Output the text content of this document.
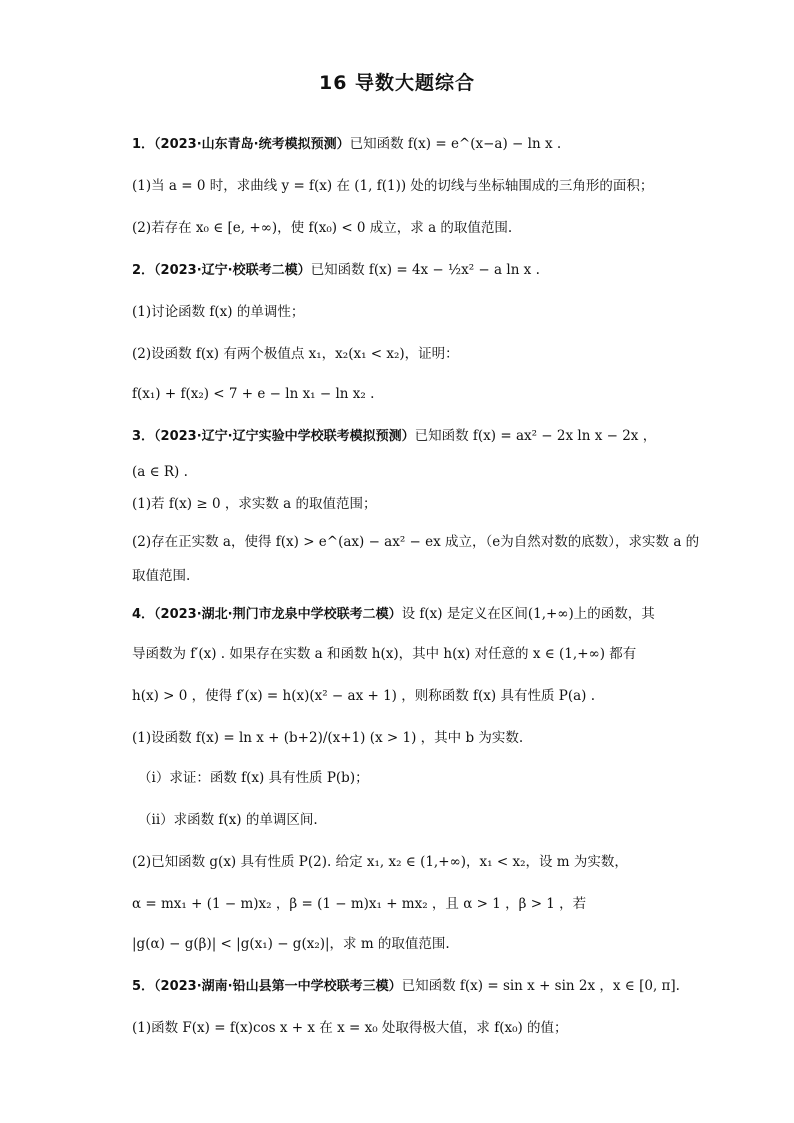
16 导数大题综合
1．（2023·山东青岛·统考模拟预测）已知函数 f(x) = e^(x−a) − ln x .
(1)当 a = 0 时，求曲线 y = f(x) 在 (1, f(1)) 处的切线与坐标轴围成的三角形的面积；
(2)若存在 x₀ ∈ [e, +∞)，使 f(x₀) < 0 成立，求 a 的取值范围.
2．（2023·辽宁·校联考二模）已知函数 f(x) = 4x − ½x² − a ln x .
(1)讨论函数 f(x) 的单调性；
(2)设函数 f(x) 有两个极值点 x₁，x₂(x₁ < x₂)，证明：
f(x₁) + f(x₂) < 7 + e − ln x₁ − ln x₂ .
3．（2023·辽宁·辽宁实验中学校联考模拟预测）已知函数 f(x) = ax² − 2x ln x − 2x ，
(a ∈ R) .
(1)若 f(x) ≥ 0 ，求实数 a 的取值范围；
(2)存在正实数 a，使得 f(x) > e^(ax) − ax² − ex 成立，（e为自然对数的底数），求实数 a 的
取值范围.
4．（2023·湖北·荆门市龙泉中学校联考二模）设 f(x) 是定义在区间(1,+∞)上的函数，其
导函数为 f′(x) . 如果存在实数 a 和函数 h(x)，其中 h(x) 对任意的 x ∈ (1,+∞) 都有
h(x) > 0 ，使得 f′(x) = h(x)(x² − ax + 1) ，则称函数 f(x) 具有性质 P(a) .
(1)设函数 f(x) = ln x + (b+2)/(x+1) (x > 1) ，其中 b 为实数.
（i）求证：函数 f(x) 具有性质 P(b)；
（ii）求函数 f(x) 的单调区间.
(2)已知函数 g(x) 具有性质 P(2). 给定 x₁, x₂ ∈ (1,+∞)，x₁ < x₂，设 m 为实数，
α = mx₁ + (1 − m)x₂ ，β = (1 − m)x₁ + mx₂ ，且 α > 1 ，β > 1 ，若
|g(α) − g(β)| < |g(x₁) − g(x₂)|，求 m 的取值范围.
5．（2023·湖南·铅山县第一中学校联考三模）已知函数 f(x) = sin x + sin 2x ，x ∈ [0, π].
(1)函数 F(x) = f(x)cos x + x 在 x = x₀ 处取得极大值，求 f(x₀) 的值；
